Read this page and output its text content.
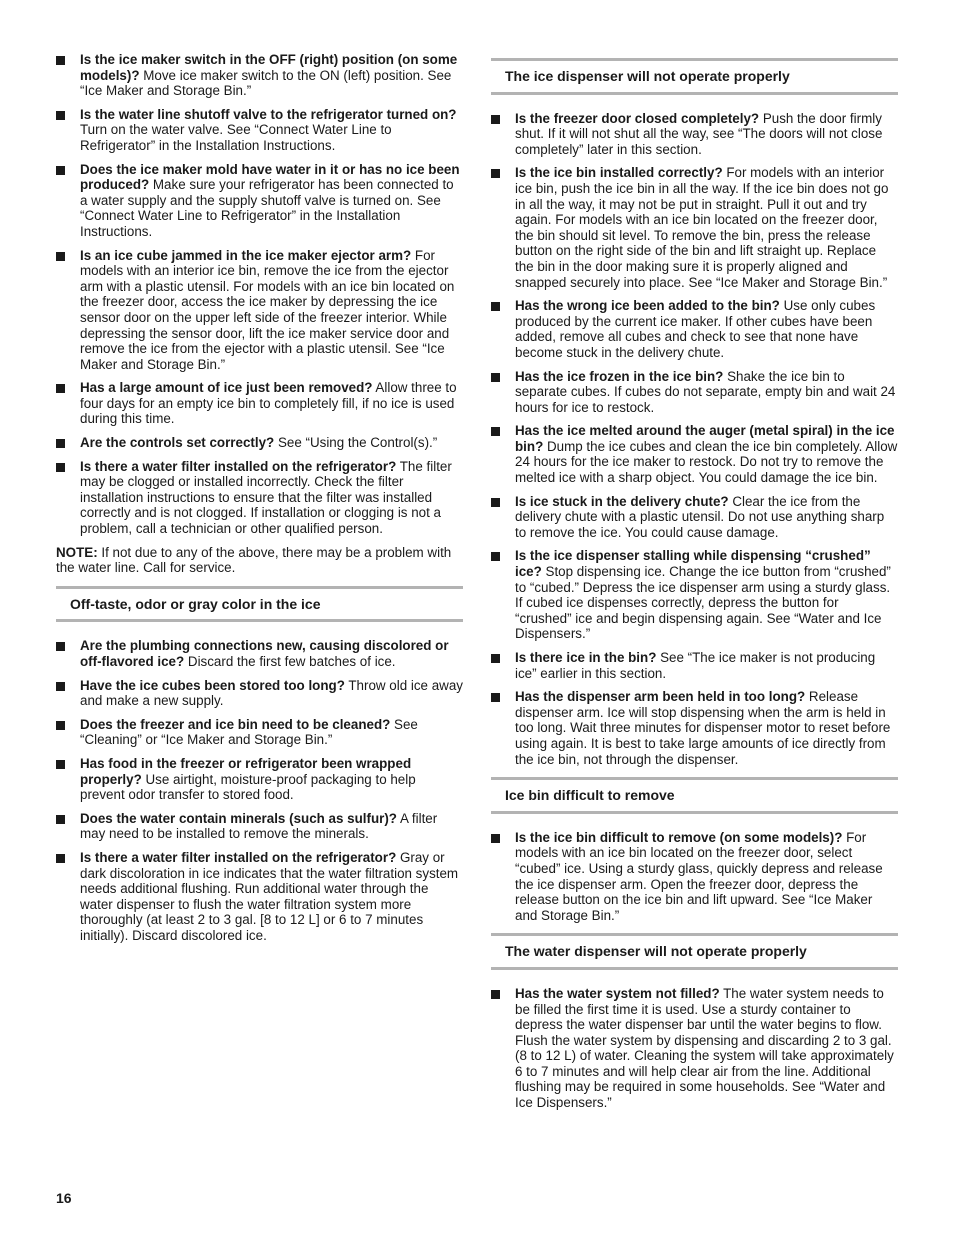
Is the ice maker switch in the OFF (right) position (on some models)? Move ice maker switch to the ON (left) position. See “Ice Maker and Storage Bin.”
Is the water line shutoff valve to the refrigerator turned on? Turn on the water valve. See “Connect Water Line to Refrigerator” in the Installation Instructions.
Does the ice maker mold have water in it or has no ice been produced? Make sure your refrigerator has been connected to a water supply and the supply shutoff valve is turned on. See “Connect Water Line to Refrigerator” in the Installation Instructions.
Is an ice cube jammed in the ice maker ejector arm? For models with an interior ice bin, remove the ice from the ejector arm with a plastic utensil. For models with an ice bin located on the freezer door, access the ice maker by depressing the ice sensor door on the upper left side of the freezer interior. While depressing the sensor door, lift the ice maker service door and remove the ice from the ejector with a plastic utensil. See “Ice Maker and Storage Bin.”
Has a large amount of ice just been removed? Allow three to four days for an empty ice bin to completely fill, if no ice is used during this time.
Are the controls set correctly? See “Using the Control(s).”
Is there a water filter installed on the refrigerator? The filter may be clogged or installed incorrectly. Check the filter installation instructions to ensure that the filter was installed correctly and is not clogged. If installation or clogging is not a problem, call a technician or other qualified person.
NOTE: If not due to any of the above, there may be a problem with the water line. Call for service.
Off-taste, odor or gray color in the ice
Are the plumbing connections new, causing discolored or off-flavored ice? Discard the first few batches of ice.
Have the ice cubes been stored too long? Throw old ice away and make a new supply.
Does the freezer and ice bin need to be cleaned? See “Cleaning” or “Ice Maker and Storage Bin.”
Has food in the freezer or refrigerator been wrapped properly? Use airtight, moisture-proof packaging to help prevent odor transfer to stored food.
Does the water contain minerals (such as sulfur)? A filter may need to be installed to remove the minerals.
Is there a water filter installed on the refrigerator? Gray or dark discoloration in ice indicates that the water filtration system needs additional flushing. Run additional water through the water dispenser to flush the water filtration system more thoroughly (at least 2 to 3 gal. [8 to 12 L] or 6 to 7 minutes initially). Discard discolored ice.
The ice dispenser will not operate properly
Is the freezer door closed completely? Push the door firmly shut. If it will not shut all the way, see “The doors will not close completely” later in this section.
Is the ice bin installed correctly? For models with an interior ice bin, push the ice bin in all the way. If the ice bin does not go in all the way, it may not be put in straight. Pull it out and try again. For models with an ice bin located on the freezer door, the bin should sit level. To remove the bin, press the release button on the right side of the bin and lift straight up. Replace the bin in the door making sure it is properly aligned and snapped securely into place. See “Ice Maker and Storage Bin.”
Has the wrong ice been added to the bin? Use only cubes produced by the current ice maker. If other cubes have been added, remove all cubes and check to see that none have become stuck in the delivery chute.
Has the ice frozen in the ice bin? Shake the ice bin to separate cubes. If cubes do not separate, empty bin and wait 24 hours for ice to restock.
Has the ice melted around the auger (metal spiral) in the ice bin? Dump the ice cubes and clean the ice bin completely. Allow 24 hours for the ice maker to restock. Do not try to remove the melted ice with a sharp object. You could damage the ice bin.
Is ice stuck in the delivery chute? Clear the ice from the delivery chute with a plastic utensil. Do not use anything sharp to remove the ice. You could cause damage.
Is the ice dispenser stalling while dispensing “crushed” ice? Stop dispensing ice. Change the ice button from “crushed” to “cubed.” Depress the ice dispenser arm using a sturdy glass. If cubed ice dispenses correctly, depress the button for “crushed” ice and begin dispensing again. See “Water and Ice Dispensers.”
Is there ice in the bin? See “The ice maker is not producing ice” earlier in this section.
Has the dispenser arm been held in too long? Release dispenser arm. Ice will stop dispensing when the arm is held in too long. Wait three minutes for dispenser motor to reset before using again. It is best to take large amounts of ice directly from the ice bin, not through the dispenser.
Ice bin difficult to remove
Is the ice bin difficult to remove (on some models)? For models with an ice bin located on the freezer door, select “cubed” ice. Using a sturdy glass, quickly depress and release the ice dispenser arm. Open the freezer door, depress the release button on the ice bin and lift upward. See “Ice Maker and Storage Bin.”
The water dispenser will not operate properly
Has the water system not filled? The water system needs to be filled the first time it is used. Use a sturdy container to depress the water dispenser bar until the water begins to flow. Flush the water system by dispensing and discarding 2 to 3 gal. (8 to 12 L) of water. Cleaning the system will take approximately 6 to 7 minutes and will help clear air from the line. Additional flushing may be required in some households. See “Water and Ice Dispensers.”
16
